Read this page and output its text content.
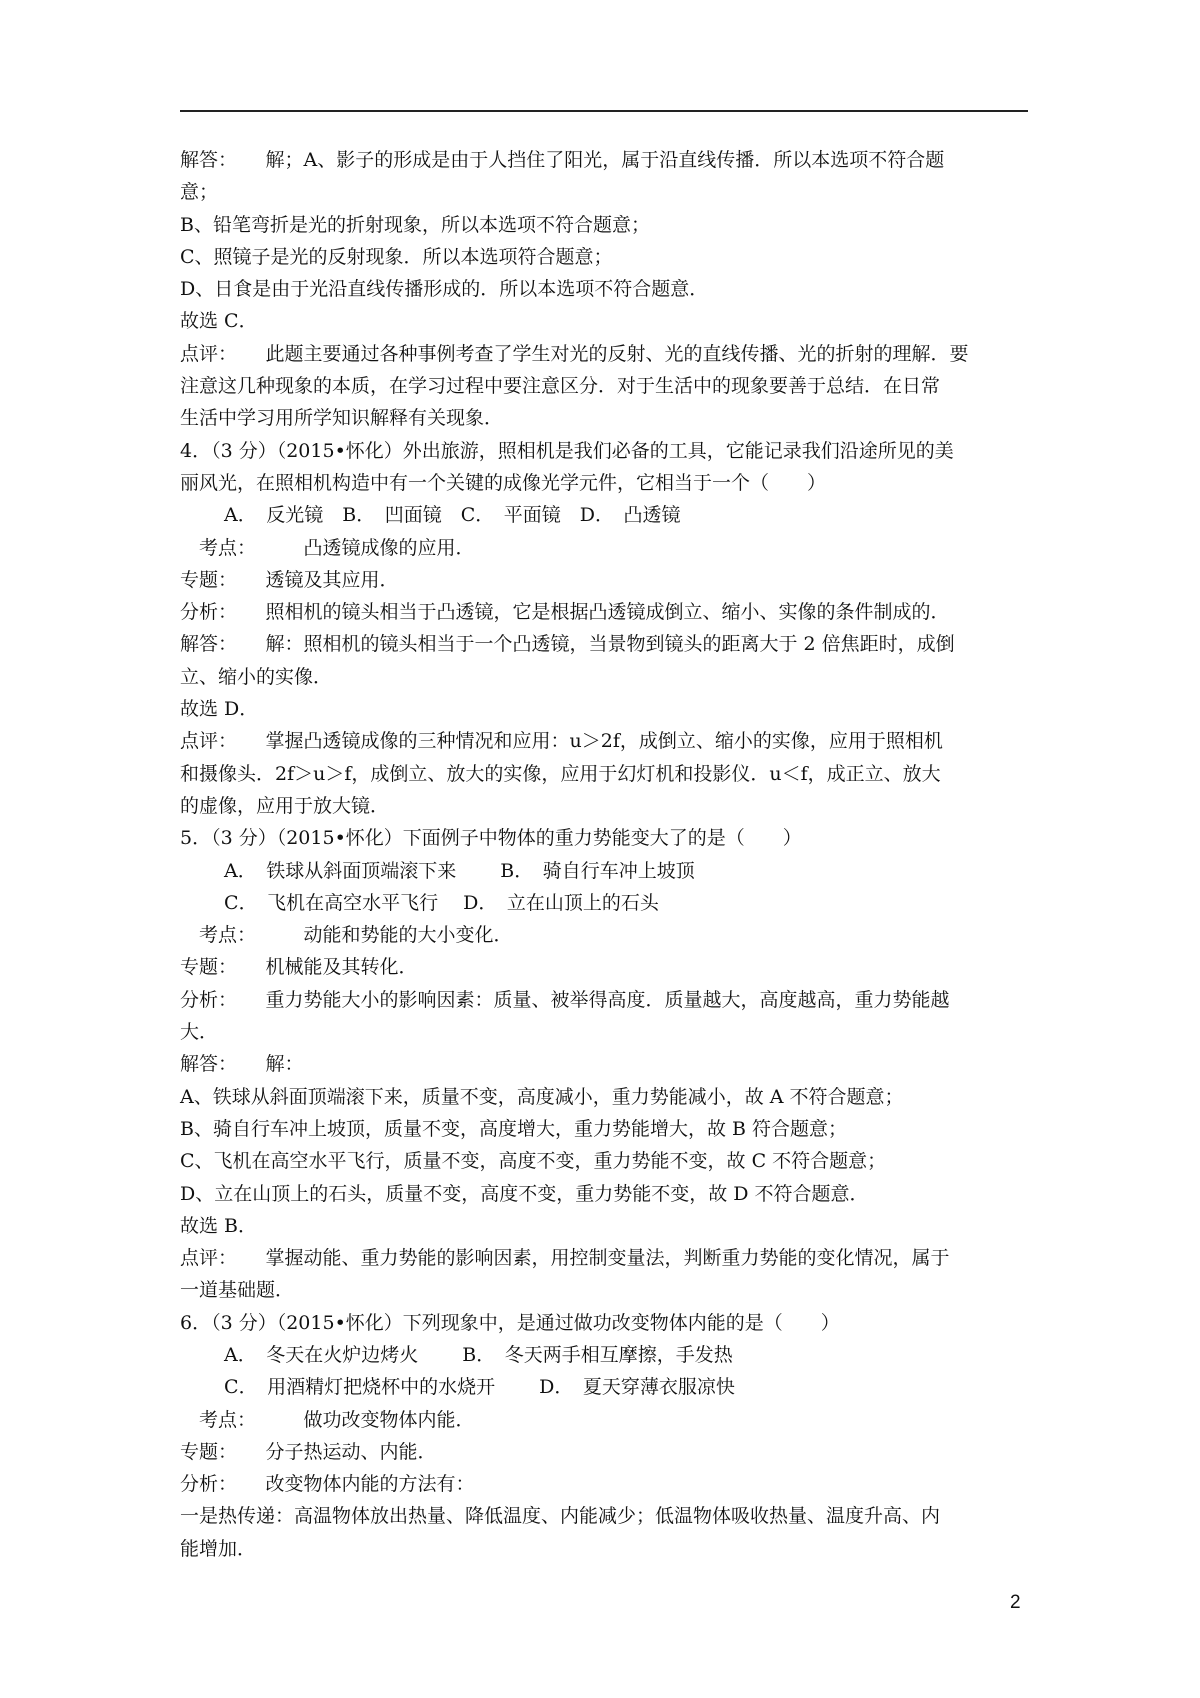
解答：　　解；A、影子的形成是由于人挡住了阳光，属于沿直线传播．所以本选项不符合题
意；
B、铅笔弯折是光的折射现象，所以本选项不符合题意；
C、照镜子是光的反射现象．所以本选项符合题意；
D、日食是由于光沿直线传播形成的．所以本选项不符合题意．
故选 C．
点评：　　此题主要通过各种事例考查了学生对光的反射、光的直线传播、光的折射的理解．要
注意这几种现象的本质，在学习过程中要注意区分．对于生活中的现象要善于总结．在日常
生活中学习用所学知识解释有关现象．
4．（3 分）（2015•怀化）外出旅游，照相机是我们必备的工具，它能记录我们沿途所见的美
丽风光，在照相机构造中有一个关键的成像光学元件，它相当于一个（　　）
　　 A．　反光镜　B．　凹面镜　C．　平面镜　D．　凸透镜
　考点：　　　凸透镜成像的应用．
专题：　　透镜及其应用．
分析：　　照相机的镜头相当于凸透镜，它是根据凸透镜成倒立、缩小、实像的条件制成的．
解答：　　解：照相机的镜头相当于一个凸透镜，当景物到镜头的距离大于 2 倍焦距时，成倒
立、缩小的实像．
故选 D．
点评：　　掌握凸透镜成像的三种情况和应用：u＞2f，成倒立、缩小的实像，应用于照相机
和摄像头．2f＞u＞f，成倒立、放大的实像，应用于幻灯机和投影仪．u＜f，成正立、放大
的虚像，应用于放大镜．
5．（3 分）（2015•怀化）下面例子中物体的重力势能变大了的是（　　）
　　 A．　铁球从斜面顶端滚下来　　 B．　骑自行车冲上坡顶
　　 C．　飞机在高空水平飞行　 D．　立在山顶上的石头
　考点：　　　动能和势能的大小变化．
专题：　　机械能及其转化．
分析：　　重力势能大小的影响因素：质量、被举得高度．质量越大，高度越高，重力势能越
大．
解答：　　解：
A、铁球从斜面顶端滚下来，质量不变，高度减小，重力势能减小，故 A 不符合题意；
B、骑自行车冲上坡顶，质量不变，高度增大，重力势能增大，故 B 符合题意；
C、飞机在高空水平飞行，质量不变，高度不变，重力势能不变，故 C 不符合题意；
D、立在山顶上的石头，质量不变，高度不变，重力势能不变，故 D 不符合题意．
故选 B．
点评：　　掌握动能、重力势能的影响因素，用控制变量法，判断重力势能的变化情况，属于
一道基础题．
6．（3 分）（2015•怀化）下列现象中，是通过做功改变物体内能的是（　　）
　　 A．　冬天在火炉边烤火　　 B．　冬天两手相互摩擦，手发热
　　 C．　用酒精灯把烧杯中的水烧开　　 D．　夏天穿薄衣服凉快
　考点：　　　做功改变物体内能．
专题：　　分子热运动、内能．
分析：　　改变物体内能的方法有：
一是热传递：高温物体放出热量、降低温度、内能减少；低温物体吸收热量、温度升高、内
能增加．
2
